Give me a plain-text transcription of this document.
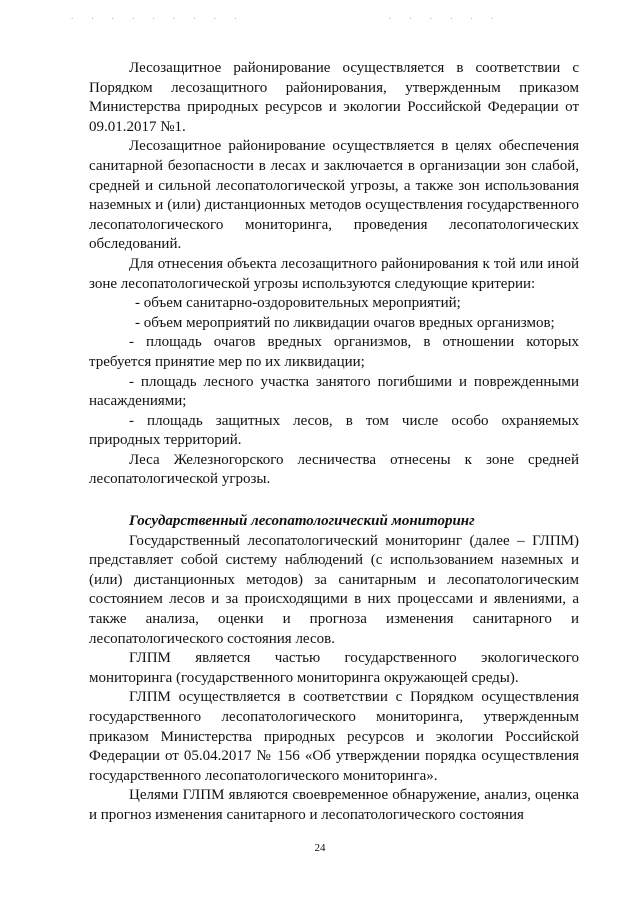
. . . . . . . . .	. . . . . .

Лесозащитное районирование осуществляется в соответствии с Порядком лесозащитного районирования, утвержденным приказом Министерства природных ресурсов и экологии Российской Федерации от 09.01.2017 №1.

Лесозащитное районирование осуществляется в целях обеспечения санитарной безопасности в лесах и заключается в организации зон слабой, средней и сильной лесопатологической угрозы, а также зон использования наземных и (или) дистанционных методов осуществления государственного лесопатологического мониторинга, проведения лесопатологических обследований.

Для отнесения объекта лесозащитного районирования к той или иной зоне лесопатологической угрозы используются следующие критерии:

- объем санитарно-оздоровительных мероприятий;

- объем мероприятий по ликвидации очагов вредных организмов;

- площадь очагов вредных организмов, в отношении которых требуется принятие мер по их ликвидации;

- площадь лесного участка занятого погибшими и поврежденными насаждениями;

- площадь защитных лесов, в том числе особо охраняемых природных территорий.

Леса Железногорского лесничества отнесены к зоне средней лесопатологической угрозы.

Государственный лесопатологический мониторинг

Государственный лесопатологический мониторинг (далее – ГЛПМ) представляет собой систему наблюдений (с использованием наземных и (или) дистанционных методов) за санитарным и лесопатологическим состоянием лесов и за происходящими в них процессами и явлениями, а также анализа, оценки и прогноза изменения санитарного и лесопатологического состояния лесов.

ГЛПМ является частью государственного экологического мониторинга (государственного мониторинга окружающей среды).

ГЛПМ осуществляется в соответствии с Порядком осуществления государственного лесопатологического мониторинга, утвержденным приказом Министерства природных ресурсов и экологии Российской Федерации от 05.04.2017 № 156 «Об утверждении порядка осуществления государственного лесопатологического мониторинга».

Целями ГЛПМ являются своевременное обнаружение, анализ, оценка и прогноз изменения санитарного и лесопатологического состояния

24
